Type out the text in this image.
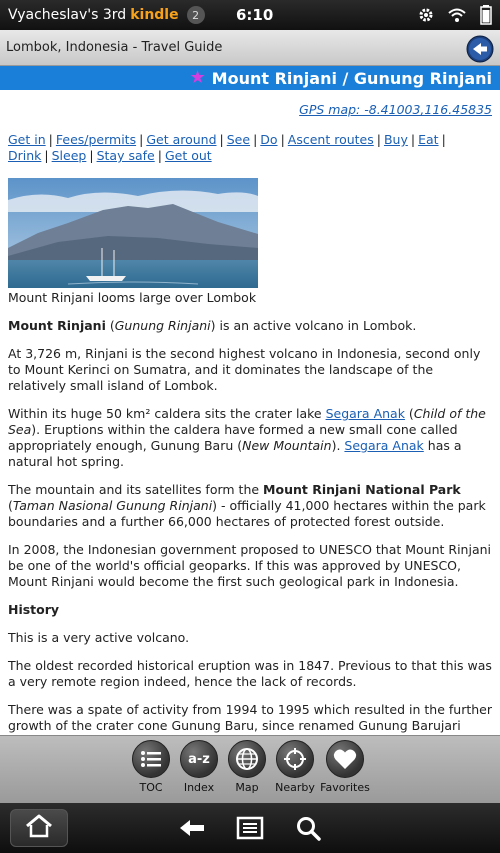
Vyacheslav's 3rd kindle	2	6:10
Lombok, Indonesia - Travel Guide
★ Mount Rinjani / Gunung Rinjani
GPS map: -8.41003,116.45835
Get in | Fees/permits | Get around | See | Do | Ascent routes | Buy | Eat |
Drink | Sleep | Stay safe | Get out
Mount Rinjani looms large over Lombok

Mount Rinjani (Gunung Rinjani) is an active volcano in Lombok.

At 3,726 m, Rinjani is the second highest volcano in Indonesia, second only to Mount Kerinci on Sumatra, and it dominates the landscape of the relatively small island of Lombok.

Within its huge 50 km² caldera sits the crater lake Segara Anak (Child of the Sea). Eruptions within the caldera have formed a new small cone called appropriately enough, Gunung Baru (New Mountain). Segara Anak has a natural hot spring.

The mountain and its satellites form the Mount Rinjani National Park (Taman Nasional Gunung Rinjani) - officially 41,000 hectares within the park boundaries and a further 66,000 hectares of protected forest outside.

In 2008, the Indonesian government proposed to UNESCO that Mount Rinjani be one of the world's official geoparks. If this was approved by UNESCO, Mount Rinjani would become the first such geological park in Indonesia.

History

This is a very active volcano.

The oldest recorded historical eruption was in 1847. Previous to that this was a very remote region indeed, hence the lack of records.

There was a spate of activity from 1994 to 1995 which resulted in the further growth of the crater cone Gunung Baru, since renamed Gunung Barujari

TOC
a-z
Index	Map	Nearby Favorites
